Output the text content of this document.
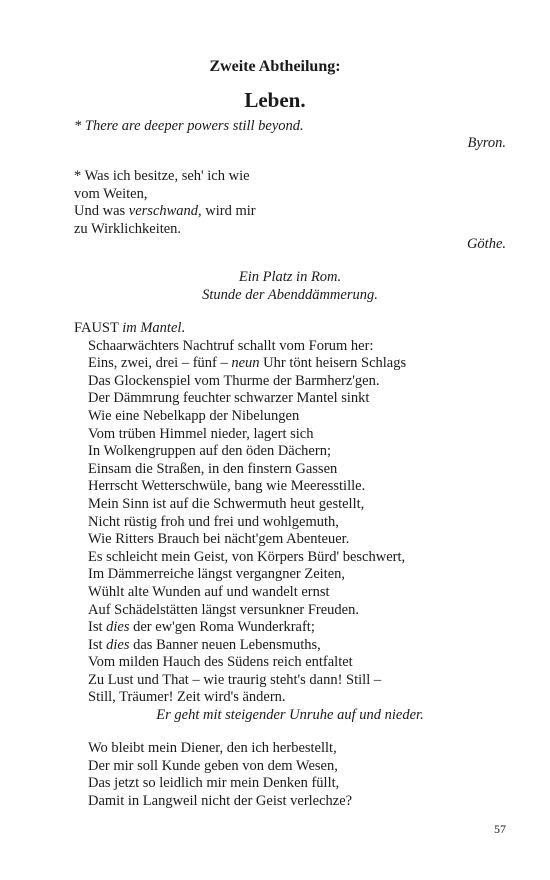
Zweite Abtheilung:
Leben.
* There are deeper powers still beyond.
Byron.
* Was ich besitze, seh' ich wie
vom Weiten,
Und was verschwand, wird mir
zu Wirklichkeiten.
Göthe.
Ein Platz in Rom.
Stunde der Abenddämmerung.
FAUST im Mantel.
Schaarwächters Nachtruf schallt vom Forum her:
Eins, zwei, drei – fünf – neun Uhr tönt heisern Schlags
Das Glockenspiel vom Thurme der Barmherz'gen.
Der Dämmrung feuchter schwarzer Mantel sinkt
Wie eine Nebelkapp der Nibelungen
Vom trüben Himmel nieder, lagert sich
In Wolkengruppen auf den öden Dächern;
Einsam die Straßen, in den finstern Gassen
Herrscht Wetterschwüle, bang wie Meeresstille.
Mein Sinn ist auf die Schwermuth heut gestellt,
Nicht rüstig froh und frei und wohlgemuth,
Wie Ritters Brauch bei nächt'gem Abenteuer.
Es schleicht mein Geist, von Körpers Bürd' beschwert,
Im Dämmerreiche längst vergangner Zeiten,
Wühlt alte Wunden auf und wandelt ernst
Auf Schädelstätten längst versunkner Freuden.
Ist dies der ew'gen Roma Wunderkraft;
Ist dies das Banner neuen Lebensmuths,
Vom milden Hauch des Südens reich entfaltet
Zu Lust und That – wie traurig steht's dann! Still –
Still, Träumer! Zeit wird's ändern.
Er geht mit steigender Unruhe auf und nieder.
Wo bleibt mein Diener, den ich herbestellt,
Der mir soll Kunde geben von dem Wesen,
Das jetzt so leidlich mir mein Denken füllt,
Damit in Langweil nicht der Geist verlechze?
57
